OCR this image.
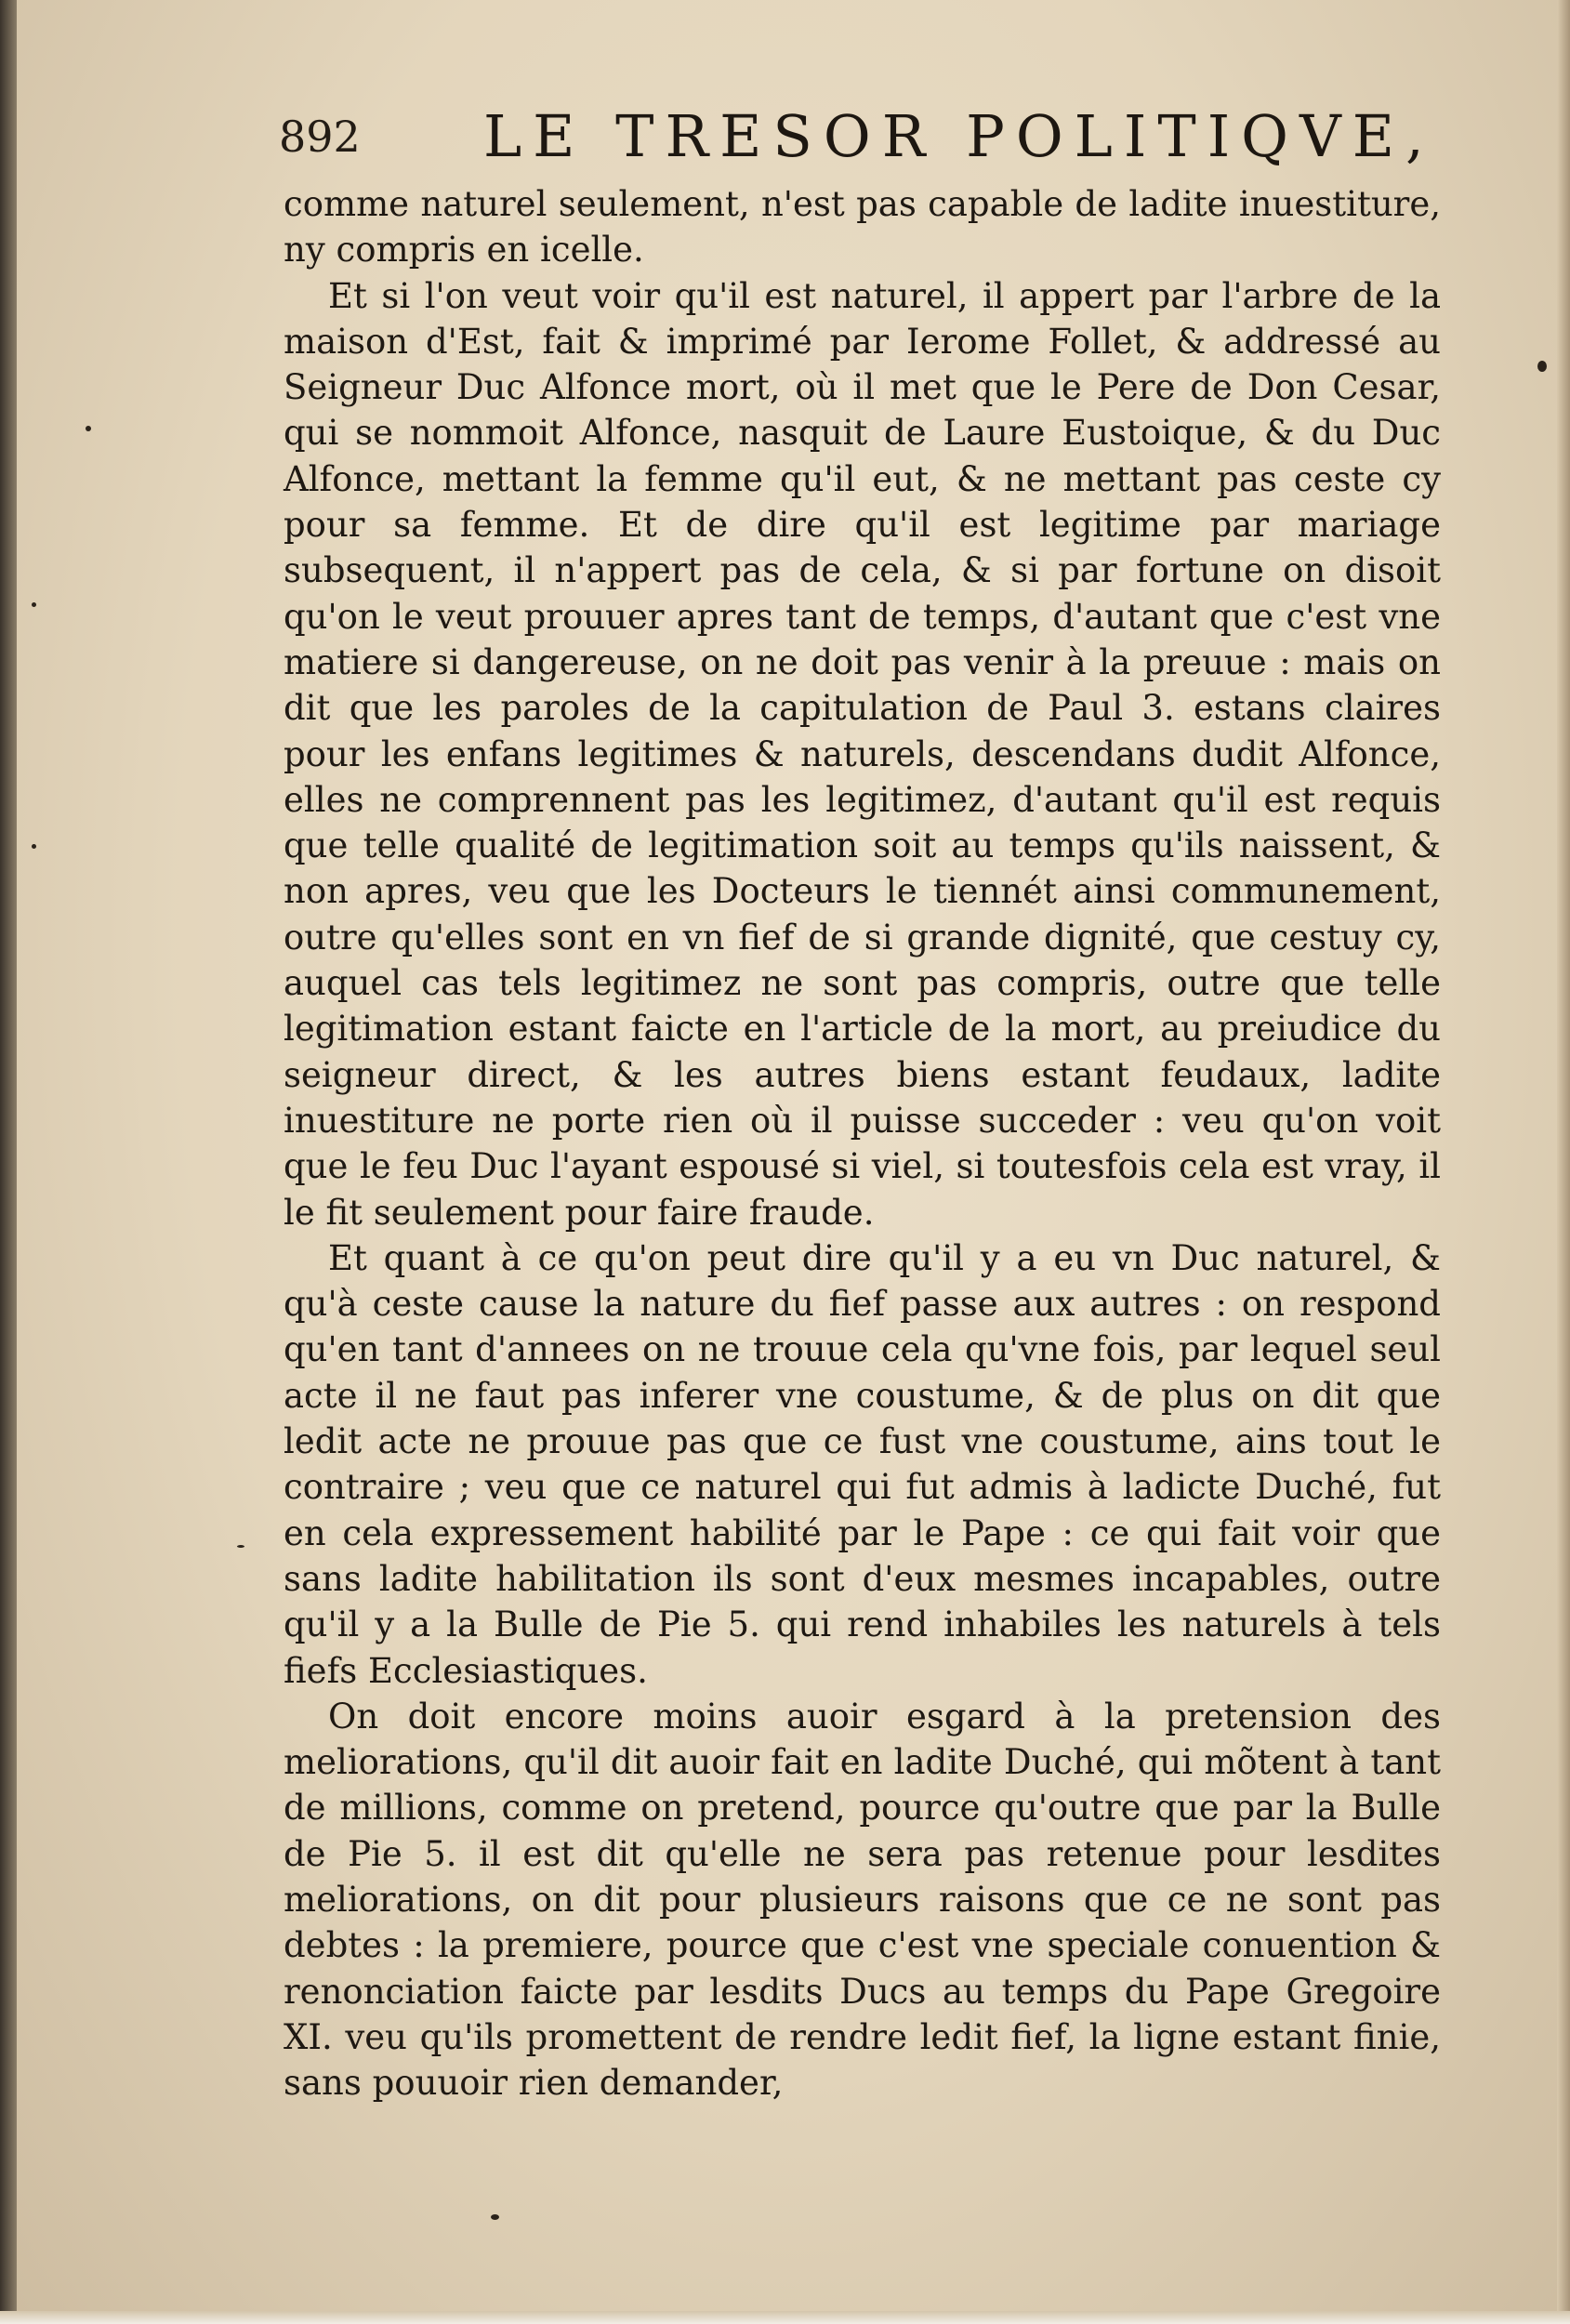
892 LE TRESOR POLITIQVE,

comme naturel seulement, n'est pas capable de ladite inuestiture, ny compris en icelle.

Et si l'on veut voir qu'il est naturel, il appert par l'arbre de la maison d'Est, fait & imprimé par Ierome Follet, & addressé au Seigneur Duc Alfonce mort, où il met que le Pere de Don Cesar, qui se nommoit Alfonce, nasquit de Laure Eustoique, & du Duc Alfonce, mettant la femme qu'il eut, & ne mettant pas ceste cy pour sa femme. Et de dire qu'il est legitime par mariage subsequent, il n'appert pas de cela, & si par fortune on disoit qu'on le veut prouuer apres tant de temps, d'autant que c'est vne matiere si dangereuse, on ne doit pas venir à la preuue : mais on dit que les paroles de la capitulation de Paul 3. estans claires pour les enfans legitimes & naturels, descendans dudit Alfonce, elles ne comprennent pas les legitimez, d'autant qu'il est requis que telle qualité de legitimation soit au temps qu'ils naissent, & non apres, veu que les Docteurs le tiennét ainsi communement, outre qu'elles sont en vn fief de si grande dignité, que cestuy cy, auquel cas tels legitimez ne sont pas compris, outre que telle legitimation estant faicte en l'article de la mort, au preiudice du seigneur direct, & les autres biens estant feudaux, ladite inuestiture ne porte rien où il puisse succeder : veu qu'on voit que le feu Duc l'ayant espousé si viel, si toutesfois cela est vray, il le fit seulement pour faire fraude.

Et quant à ce qu'on peut dire qu'il y a eu vn Duc naturel, & qu'à ceste cause la nature du fief passe aux autres : on respond qu'en tant d'annees on ne trouue cela qu'vne fois, par lequel seul acte il ne faut pas inferer vne coustume, & de plus on dit que ledit acte ne prouue pas que ce fust vne coustume, ains tout le contraire ; veu que ce naturel qui fut admis à ladicte Duché, fut en cela expressement habilité par le Pape : ce qui fait voir que sans ladite habilitation ils sont d'eux mesmes incapables, outre qu'il y a la Bulle de Pie 5. qui rend inhabiles les naturels à tels fiefs Ecclesiastiques.

On doit encore moins auoir esgard à la pretension des meliorations, qu'il dit auoir fait en ladite Duché, qui mõtent à tant de millions, comme on pretend, pource qu'outre que par la Bulle de Pie 5. il est dit qu'elle ne sera pas retenue pour lesdites meliorations, on dit pour plusieurs raisons que ce ne sont pas debtes : la premiere, pource que c'est vne speciale conuention & renonciation faicte par lesdits Ducs au temps du Pape Gregoire XI. veu qu'ils promettent de rendre ledit fief, la ligne estant finie, sans pouuoir rien demander,
